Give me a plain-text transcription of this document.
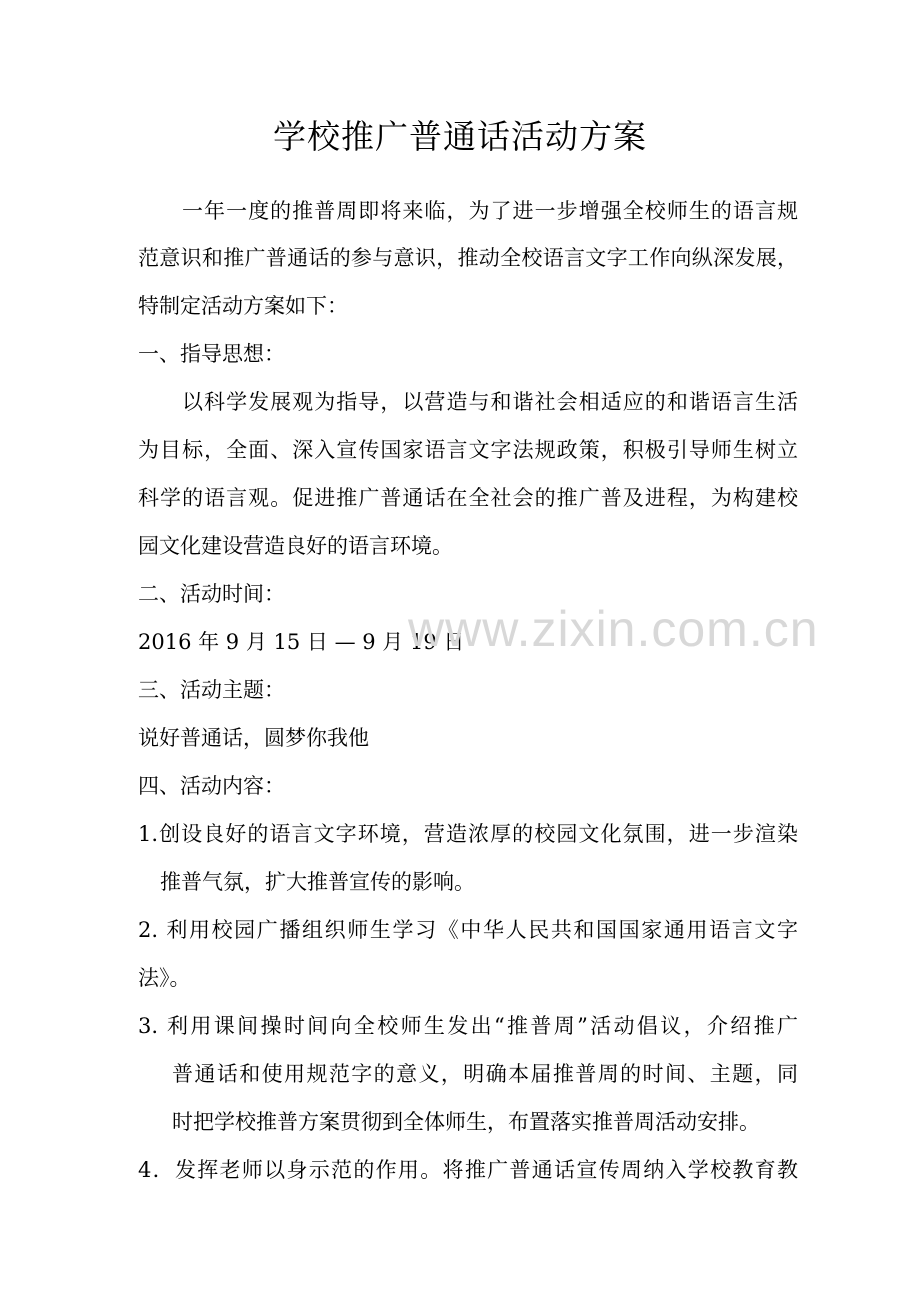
学校推广普通话活动方案
一年一度的推普周即将来临，为了进一步增强全校师生的语言规
范意识和推广普通话的参与意识，推动全校语言文字工作向纵深发展，
特制定活动方案如下：
一、指导思想：
以科学发展观为指导，以营造与和谐社会相适应的和谐语言生活
为目标，全面、深入宣传国家语言文字法规政策，积极引导师生树立
科学的语言观。促进推广普通话在全社会的推广普及进程，为构建校
园文化建设营造良好的语言环境。
二、活动时间：
2016 年 9 月 15 日 — 9 月 19 日
三、活动主题：
说好普通话，圆梦你我他
四、活动内容：
1.创设良好的语言文字环境，营造浓厚的校园文化氛围，进一步渲染
推普气氛，扩大推普宣传的影响。
2. 利用校园广播组织师生学习《中华人民共和国国家通用语言文字
法》。
3. 利用课间操时间向全校师生发出“推普周”活动倡议，介绍推广
普通话和使用规范字的意义，明确本届推普周的时间、主题，同
时把学校推普方案贯彻到全体师生，布置落实推普周活动安排。
4．发挥老师以身示范的作用。将推广普通话宣传周纳入学校教育教
www.zixin.com.cn
